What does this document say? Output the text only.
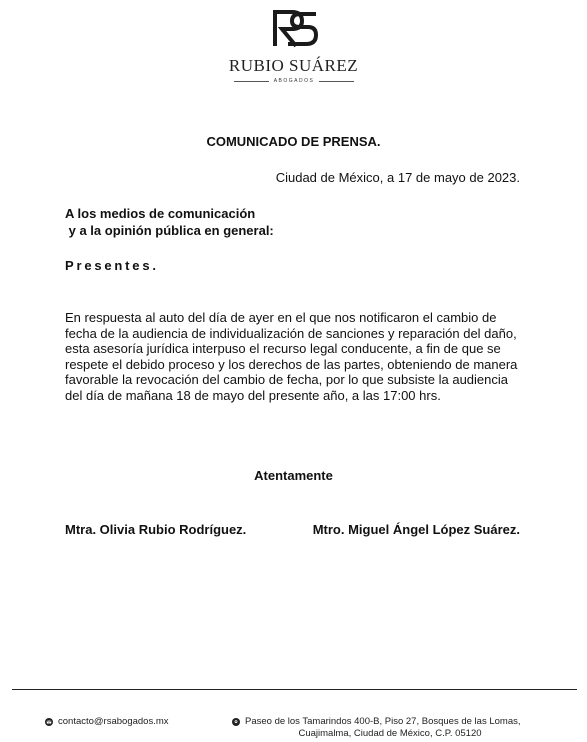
RUBIO SUÁREZ
ABOGADOS
COMUNICADO DE PRENSA.
Ciudad de México, a 17 de mayo de 2023.
A los medios de comunicación
y a la opinión pública en general:
Presentes.
En respuesta al auto del día de ayer en el que nos notificaron el cambio de
fecha de la audiencia de individualización de sanciones y reparación del daño,
esta asesoría jurídica interpuso el recurso legal conducente, a fin de que se
respete el debido proceso y los derechos de las partes, obteniendo de manera
favorable la revocación del cambio de fecha, por lo que subsiste la audiencia
del día de mañana 18 de mayo del presente año, a las 17:00 hrs.
Atentamente
Mtra. Olivia Rubio Rodríguez.	Mtro. Miguel Ángel López Suárez.
contacto@rsabogados.mx	Paseo de los Tamarindos 400-B, Piso 27, Bosques de las Lomas,
Cuajimalma, Ciudad de México, C.P. 05120
